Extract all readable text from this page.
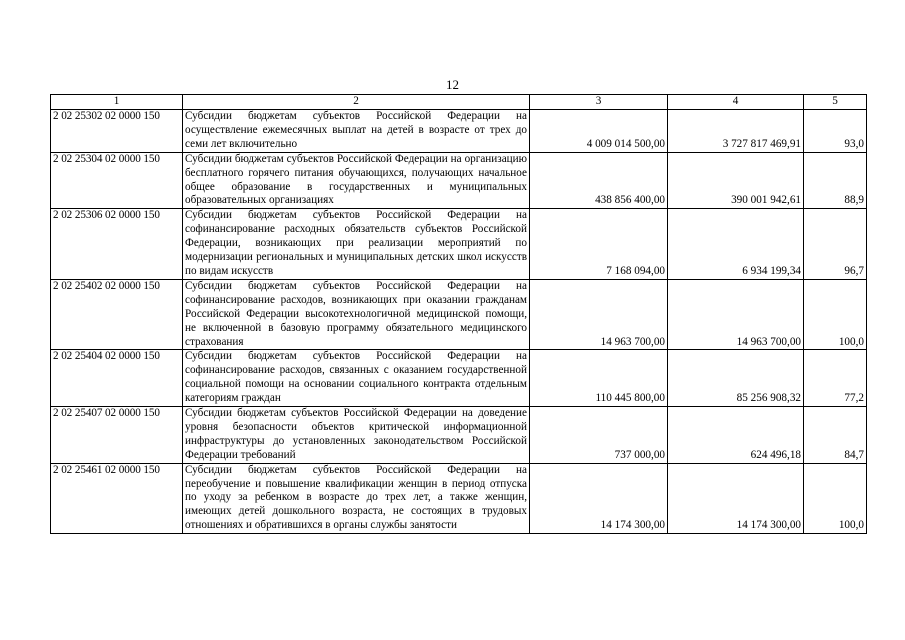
12
1	2	3	4	5
2 02 25302 02 0000 150	Субсидии бюджетам субъектов Российской Федерации на осуществление ежемесячных выплат на детей в возрасте от трех до семи лет включительно	4 009 014 500,00	3 727 817 469,91	93,0
2 02 25304 02 0000 150	Субсидии бюджетам субъектов Российской Федерации на организацию бесплатного горячего питания обучающихся, получающих начальное общее образование в государственных и муниципальных образовательных организациях	438 856 400,00	390 001 942,61	88,9
2 02 25306 02 0000 150	Субсидии бюджетам субъектов Российской Федерации на софинансирование расходных обязательств субъектов Российской Федерации, возникающих при реализации мероприятий по модернизации региональных и муниципальных детских школ искусств по видам искусств	7 168 094,00	6 934 199,34	96,7
2 02 25402 02 0000 150	Субсидии бюджетам субъектов Российской Федерации на софинансирование расходов, возникающих при оказании гражданам Российской Федерации высокотехнологичной медицинской помощи, не включенной в базовую программу обязательного медицинского страхования	14 963 700,00	14 963 700,00	100,0
2 02 25404 02 0000 150	Субсидии бюджетам субъектов Российской Федерации на софинансирование расходов, связанных с оказанием государственной социальной помощи на основании социального контракта отдельным категориям граждан	110 445 800,00	85 256 908,32	77,2
2 02 25407 02 0000 150	Субсидии бюджетам субъектов Российской Федерации на доведение уровня безопасности объектов критической информационной инфраструктуры до установленных законодательством Российской Федерации требований	737 000,00	624 496,18	84,7
2 02 25461 02 0000 150	Субсидии бюджетам субъектов Российской Федерации на переобучение и повышение квалификации женщин в период отпуска по уходу за ребенком в возрасте до трех лет, а также женщин, имеющих детей дошкольного возраста, не состоящих в трудовых отношениях и обратившихся в органы службы занятости	14 174 300,00	14 174 300,00	100,0
